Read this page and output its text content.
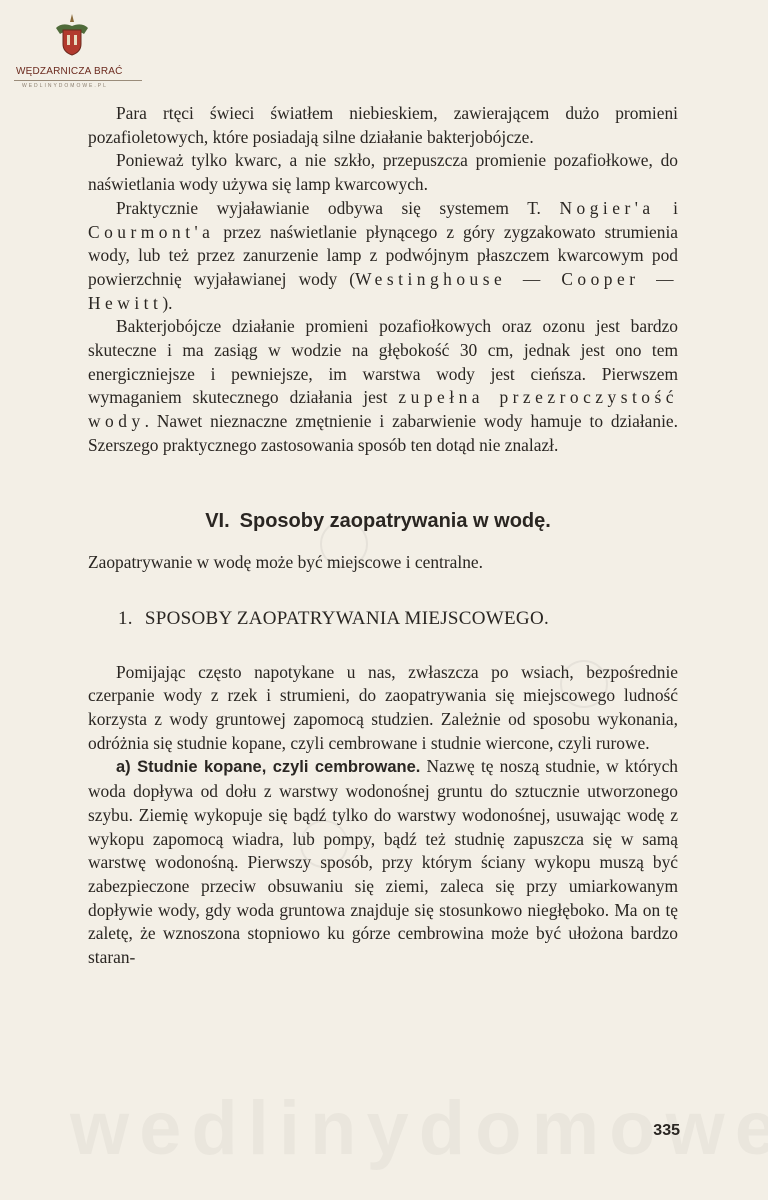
WĘDZARNICZA BRAĆ
WEDLINYDOMOWE.PL

Para rtęci świeci światłem niebieskiem, zawierającem dużo promieni pozafioletowych, które posiadają silne działanie bakterjobójcze.

Ponieważ tylko kwarc, a nie szkło, przepuszcza promienie pozafiołkowe, do naświetlania wody używa się lamp kwarcowych.

Praktycznie wyjaławianie odbywa się systemem T. Nogier'a i Courmont'a przez naświetlanie płynącego z góry zygzakowato strumienia wody, lub też przez zanurzenie lamp z podwójnym płaszczem kwarcowym pod powierzchnię wyjaławianej wody (Westinghouse — Cooper — Hewitt).

Bakterjobójcze działanie promieni pozafiołkowych oraz ozonu jest bardzo skuteczne i ma zasiąg w wodzie na głębokość 30 cm, jednak jest ono tem energiczniejsze i pewniejsze, im warstwa wody jest cieńsza. Pierwszem wymaganiem skutecznego działania jest zupełna przezroczystość wody. Nawet nieznaczne zmętnienie i zabarwienie wody hamuje to działanie. Szerszego praktycznego zastosowania sposób ten dotąd nie znalazł.

VI. Sposoby zaopatrywania w wodę.

Zaopatrywanie w wodę może być miejscowe i centralne.

1. SPOSOBY ZAOPATRYWANIA MIEJSCOWEGO.

Pomijając często napotykane u nas, zwłaszcza po wsiach, bezpośrednie czerpanie wody z rzek i strumieni, do zaopatrywania się miejscowego ludność korzysta z wody gruntowej zapomocą studzien. Zależnie od sposobu wykonania, odróżnia się studnie kopane, czyli cembrowane i studnie wiercone, czyli rurowe.

a) Studnie kopane, czyli cembrowane. Nazwę tę noszą studnie, w których woda dopływa od dołu z warstwy wodonośnej gruntu do sztucznie utworzonego szybu. Ziemię wykopuje się bądź tylko do warstwy wodonośnej, usuwając wodę z wykopu zapomocą wiadra, lub pompy, bądź też studnię zapuszcza się w samą warstwę wodonośną. Pierwszy sposób, przy którym ściany wykopu muszą być zabezpieczone przeciw obsuwaniu się ziemi, zaleca się przy umiarkowanym dopływie wody, gdy woda gruntowa znajduje się stosunkowo niegłęboko. Ma on tę zaletę, że wznoszona stopniowo ku górze cembrowina może być ułożona bardzo staran-

335
